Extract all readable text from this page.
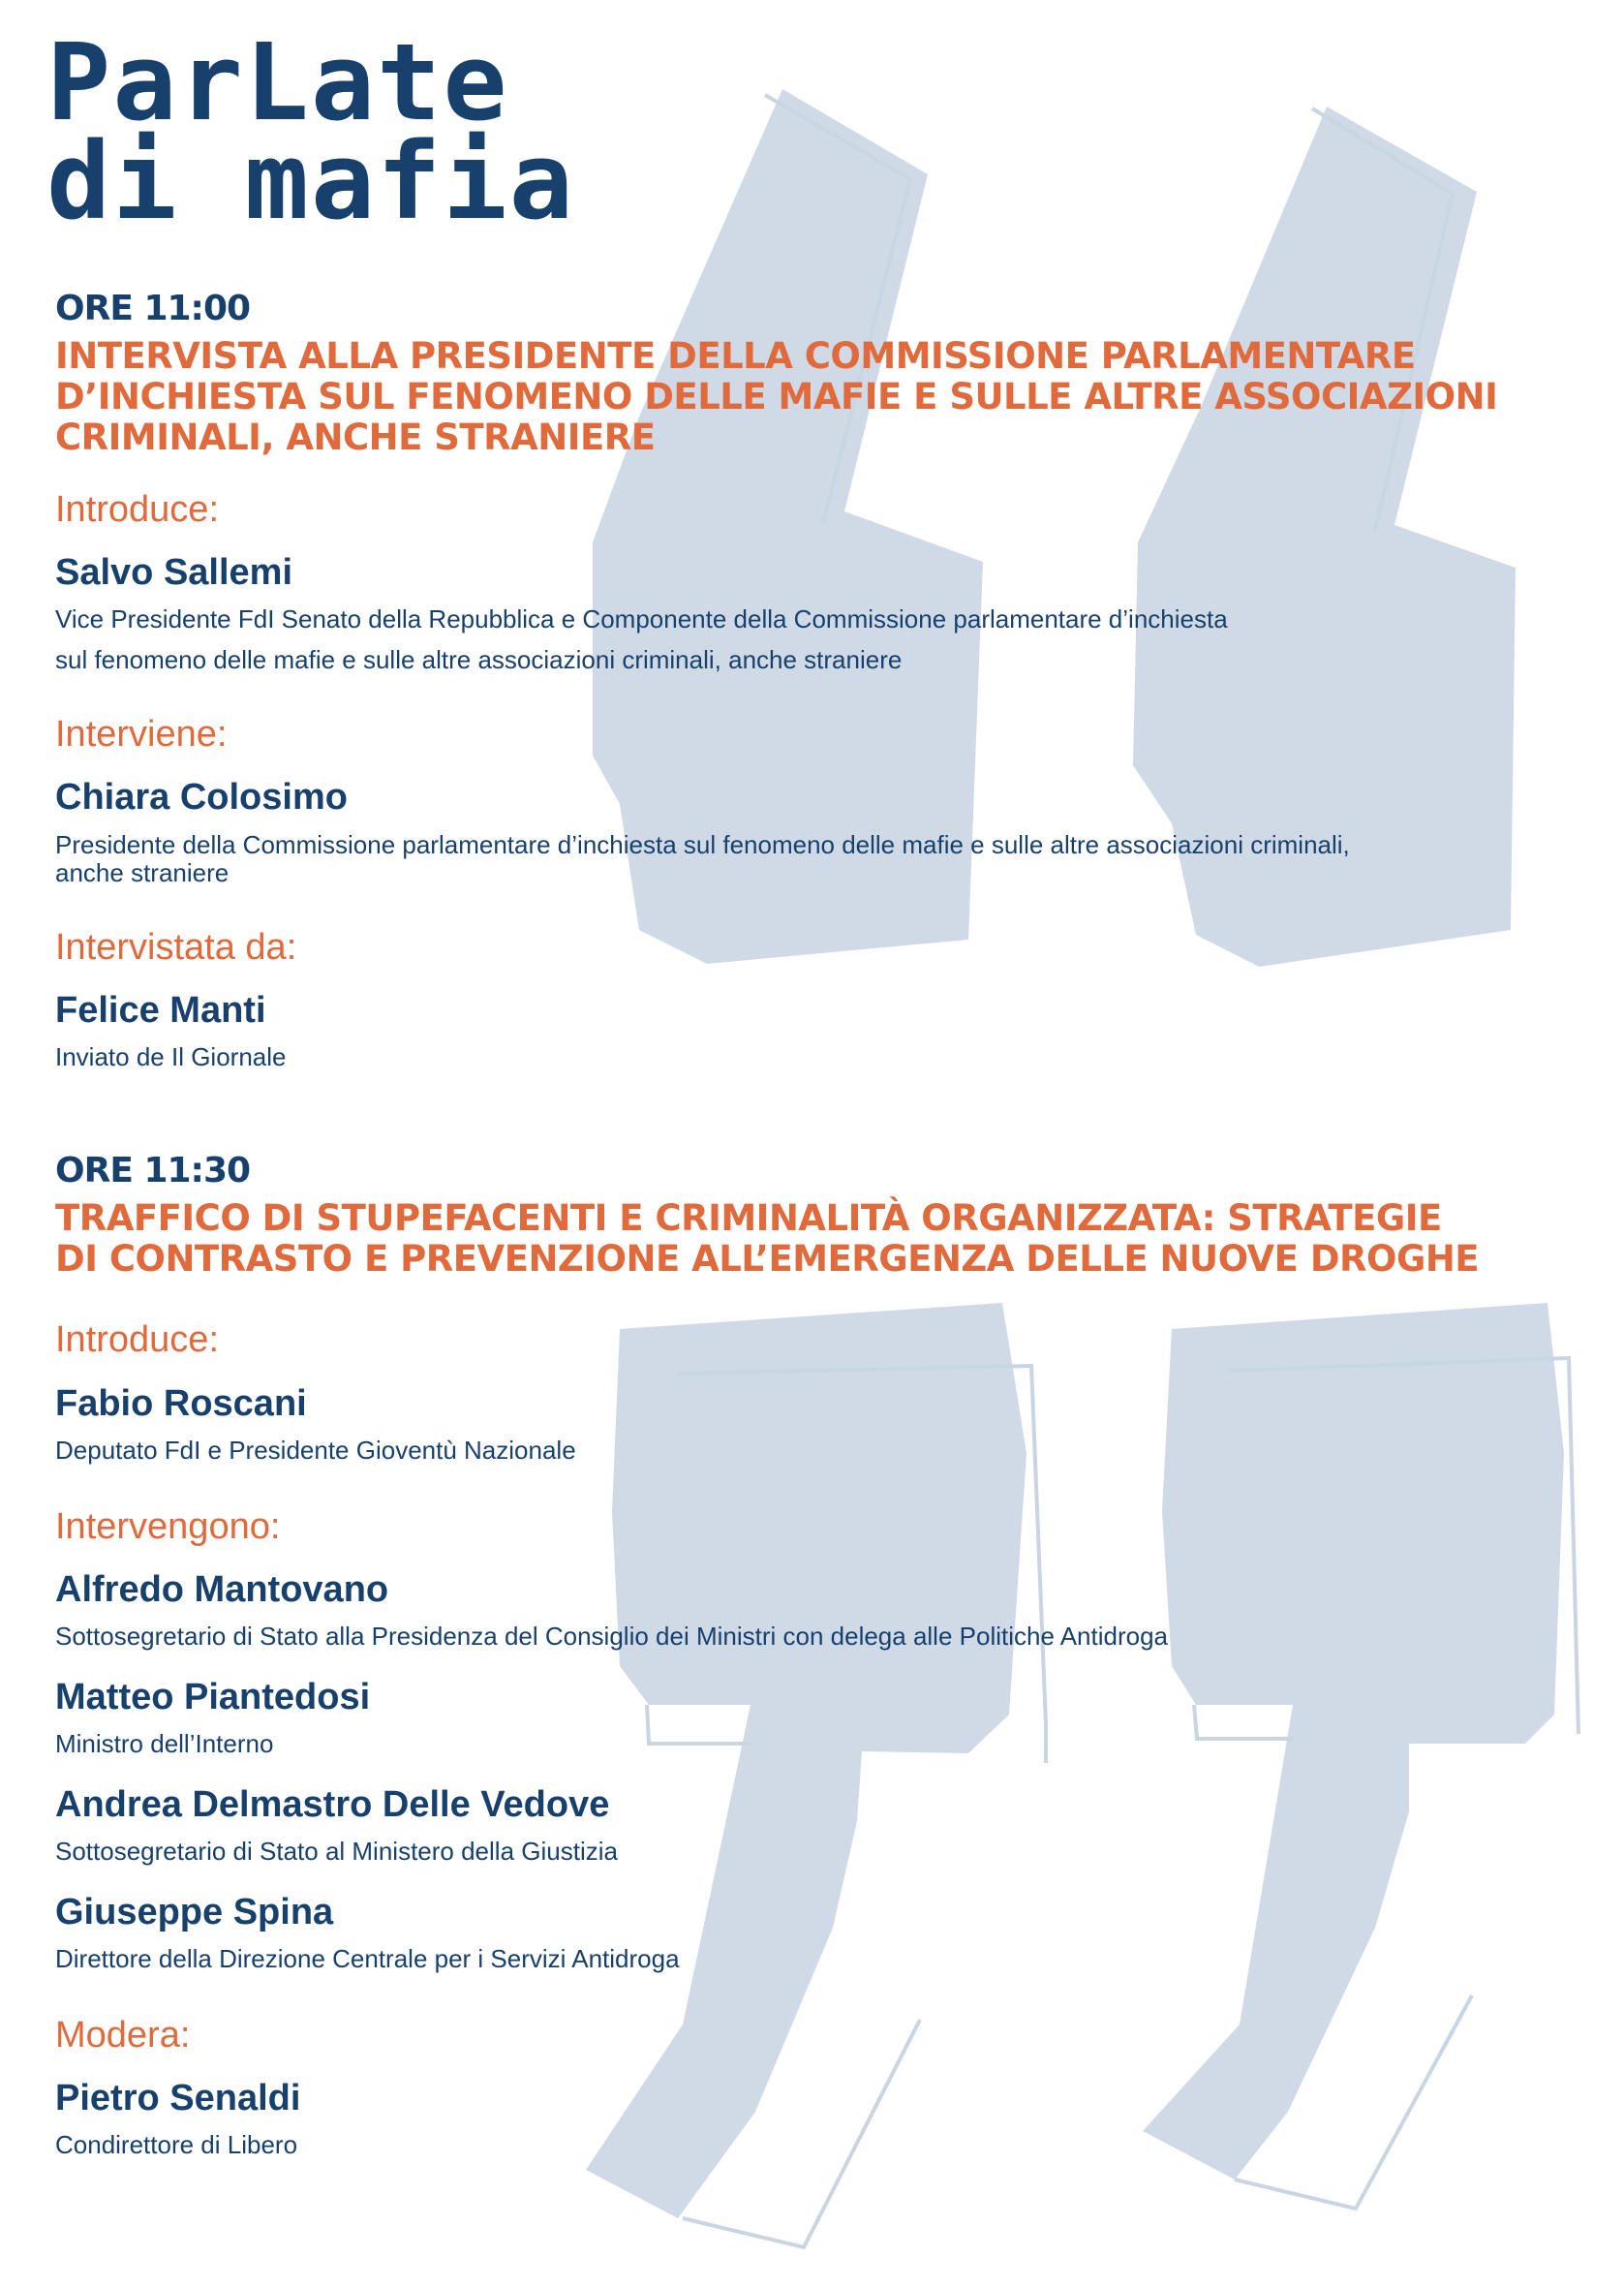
ParLate
di mafia

ORE 11:00

INTERVISTA ALLA PRESIDENTE DELLA COMMISSIONE PARLAMENTARE
D’INCHIESTA SUL FENOMENO DELLE MAFIE E SULLE ALTRE ASSOCIAZIONI
CRIMINALI, ANCHE STRANIERE

Introduce:

Salvo Sallemi

Vice Presidente FdI Senato della Repubblica e Componente della Commissione parlamentare d’inchiesta

sul fenomeno delle mafie e sulle altre associazioni criminali, anche straniere

Interviene:

Chiara Colosimo

Presidente della Commissione parlamentare d’inchiesta sul fenomeno delle mafie e sulle altre associazioni criminali,

anche straniere

Intervistata da:

Felice Manti

Inviato de Il Giornale

ORE 11:30

TRAFFICO DI STUPEFACENTI E CRIMINALITÀ ORGANIZZATA: STRATEGIE
DI CONTRASTO E PREVENZIONE ALL’EMERGENZA DELLE NUOVE DROGHE

Introduce:

Fabio Roscani

Deputato FdI e Presidente Gioventù Nazionale

Intervengono:

Alfredo Mantovano

Sottosegretario di Stato alla Presidenza del Consiglio dei Ministri con delega alle Politiche Antidroga

Matteo Piantedosi

Ministro dell’Interno

Andrea Delmastro Delle Vedove

Sottosegretario di Stato al Ministero della Giustizia

Giuseppe Spina

Direttore della Direzione Centrale per i Servizi Antidroga

Modera:

Pietro Senaldi

Condirettore di Libero
